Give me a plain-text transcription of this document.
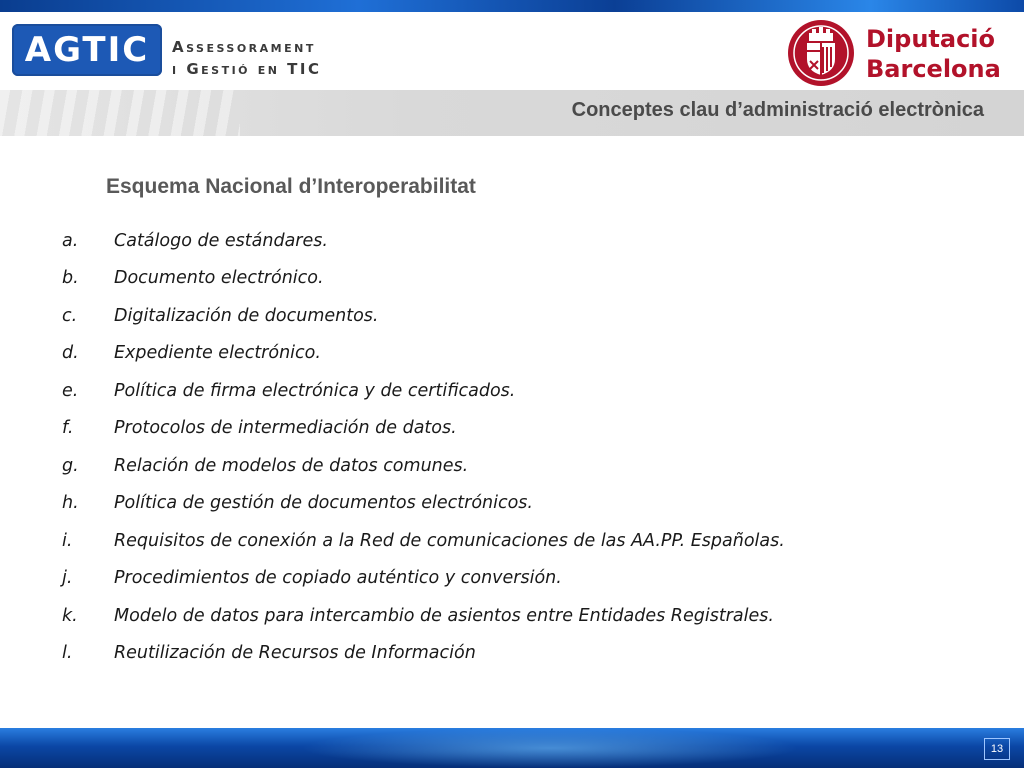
AGTIC Assessorament
i Gestió en TIC
Diputació
Barcelona
Conceptes clau d’administració electrònica
Esquema Nacional d’Interoperabilitat
a.	Catálogo de estándares.
b.	Documento electrónico.
c.	Digitalización de documentos.
d.	Expediente electrónico.
e.	Política de firma electrónica y de certificados.
f.	Protocolos de intermediación de datos.
g.	Relación de modelos de datos comunes.
h.	Política de gestión de documentos electrónicos.
i.	Requisitos de conexión a la Red de comunicaciones de las AA.PP. Españolas.
j.	Procedimientos de copiado auténtico y conversión.
k.	Modelo de datos para intercambio de asientos entre Entidades Registrales.
l.	Reutilización de Recursos de Información
13
